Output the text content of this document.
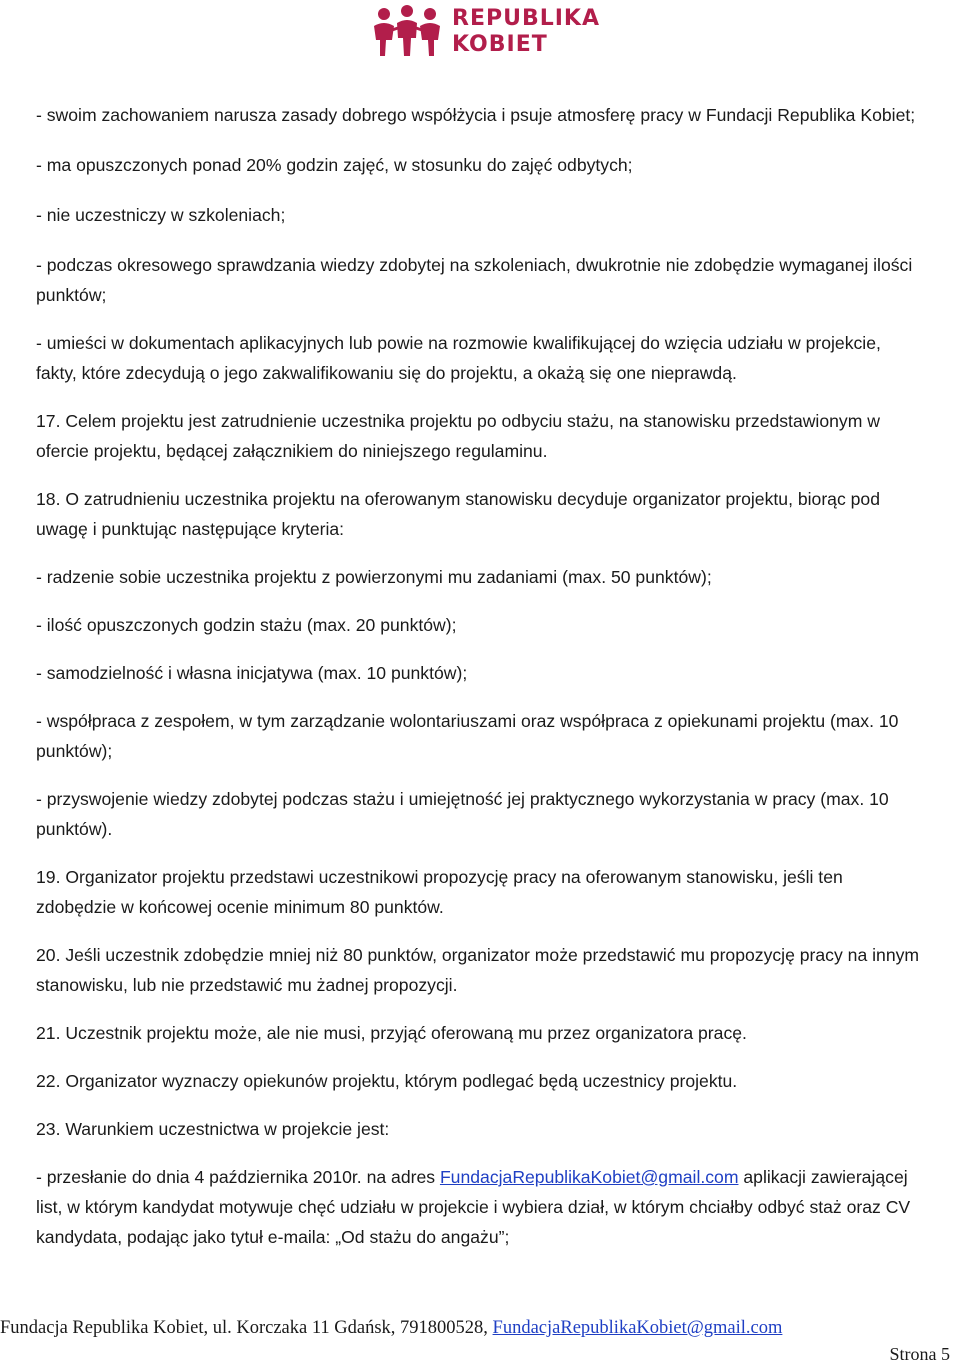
REPUBLIKA
KOBIET

- swoim zachowaniem narusza zasady dobrego współżycia i psuje atmosferę pracy w Fundacji Republika Kobiet;

- ma opuszczonych ponad 20% godzin zajęć, w stosunku do zajęć odbytych;

- nie uczestniczy w szkoleniach;

- podczas okresowego sprawdzania wiedzy zdobytej na szkoleniach, dwukrotnie nie zdobędzie wymaganej ilości punktów;

- umieści w dokumentach aplikacyjnych lub powie na rozmowie kwalifikującej do wzięcia udziału w projekcie, fakty, które zdecydują o jego zakwalifikowaniu się do projektu, a okażą się one nieprawdą.

17. Celem projektu jest zatrudnienie uczestnika projektu po odbyciu stażu, na stanowisku przedstawionym w ofercie projektu, będącej załącznikiem do niniejszego regulaminu.

18. O zatrudnieniu uczestnika projektu na oferowanym stanowisku decyduje organizator projektu, biorąc pod uwagę i punktując następujące kryteria:

- radzenie sobie uczestnika projektu z powierzonymi mu zadaniami (max. 50 punktów);

- ilość opuszczonych godzin stażu (max. 20 punktów);

- samodzielność i własna inicjatywa (max. 10 punktów);

- współpraca z zespołem, w tym zarządzanie wolontariuszami oraz współpraca z opiekunami projektu (max. 10 punktów);

- przyswojenie wiedzy zdobytej podczas stażu i umiejętność jej praktycznego wykorzystania w pracy (max. 10 punktów).

19. Organizator projektu przedstawi uczestnikowi propozycję pracy na oferowanym stanowisku, jeśli ten zdobędzie w końcowej ocenie minimum 80 punktów.

20. Jeśli uczestnik zdobędzie mniej niż 80 punktów, organizator może przedstawić mu propozycję pracy na innym stanowisku, lub nie przedstawić mu żadnej propozycji.

21. Uczestnik projektu może, ale nie musi, przyjąć oferowaną mu przez organizatora pracę.

22. Organizator wyznaczy opiekunów projektu, którym podlegać będą uczestnicy projektu.

23. Warunkiem uczestnictwa w projekcie jest:

- przesłanie do dnia 4 października 2010r. na adres FundacjaRepublikaKobiet@gmail.com aplikacji zawierającej list, w którym kandydat motywuje chęć udziału w projekcie i wybiera dział, w którym chciałby odbyć staż oraz CV kandydata, podając jako tytuł e-maila: „Od stażu do angażu”;

Fundacja Republika Kobiet, ul. Korczaka 11 Gdańsk, 791800528, FundacjaRepublikaKobiet@gmail.com
Strona 5
